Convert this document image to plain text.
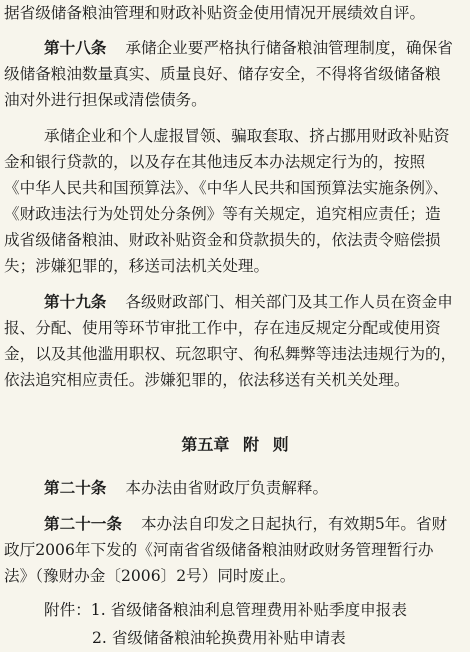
据省级储备粮油管理和财政补贴资金使用情况开展绩效自评。
第十八条 承储企业要严格执行储备粮油管理制度，确保省
级储备粮油数量真实、质量良好、储存安全，不得将省级储备粮
油对外进行担保或清偿债务。
承储企业和个人虚报冒领、骗取套取、挤占挪用财政补贴资
金和银行贷款的，以及存在其他违反本办法规定行为的，按照
《中华人民共和国预算法》、《中华人民共和国预算法实施条例》、
《财政违法行为处罚处分条例》等有关规定，追究相应责任；造
成省级储备粮油、财政补贴资金和贷款损失的，依法责令赔偿损
失；涉嫌犯罪的，移送司法机关处理。
第十九条 各级财政部门、相关部门及其工作人员在资金申
报、分配、使用等环节审批工作中，存在违反规定分配或使用资
金，以及其他滥用职权、玩忽职守、徇私舞弊等违法违规行为的，
依法追究相应责任。涉嫌犯罪的，依法移送有关机关处理。
第五章 附 则
第二十条 本办法由省财政厅负责解释。
第二十一条 本办法自印发之日起执行，有效期5年。省财
政厅2006年下发的《河南省省级储备粮油财政财务管理暂行办
法》（豫财办金〔2006〕2号）同时废止。
附件：1. 省级储备粮油利息管理费用补贴季度申报表
2. 省级储备粮油轮换费用补贴申请表
